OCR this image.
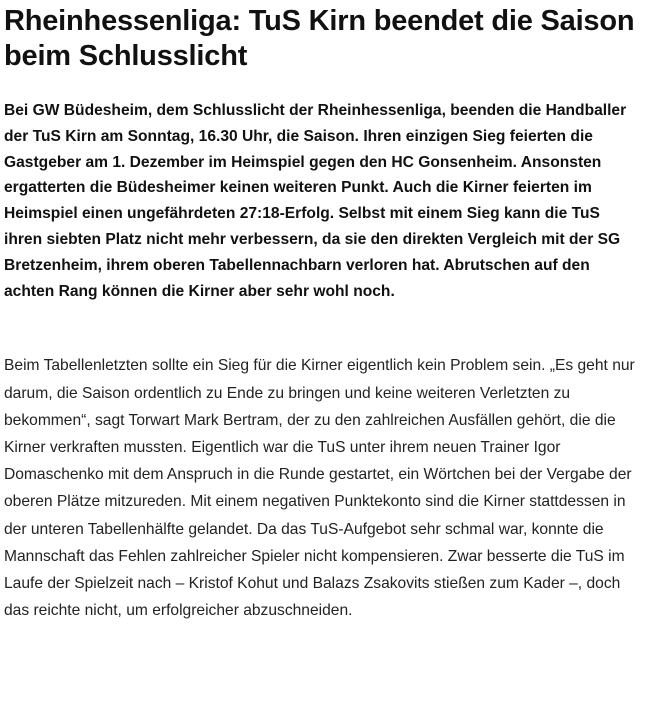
Rheinhessenliga: TuS Kirn beendet die Saison beim Schlusslicht

Bei GW Büdesheim, dem Schlusslicht der Rheinhessenliga, beenden die Handballer der TuS Kirn am Sonntag, 16.30 Uhr, die Saison. Ihren einzigen Sieg feierten die Gastgeber am 1. Dezember im Heimspiel gegen den HC Gonsenheim. Ansonsten ergatterten die Büdesheimer keinen weiteren Punkt. Auch die Kirner feierten im Heimspiel einen ungefährdeten 27:18-Erfolg. Selbst mit einem Sieg kann die TuS ihren siebten Platz nicht mehr verbessern, da sie den direkten Vergleich mit der SG Bretzenheim, ihrem oberen Tabellennachbarn verloren hat. Abrutschen auf den achten Rang können die Kirner aber sehr wohl noch.

Beim Tabellenletzten sollte ein Sieg für die Kirner eigentlich kein Problem sein. „Es geht nur darum, die Saison ordentlich zu Ende zu bringen und keine weiteren Verletzten zu bekommen“, sagt Torwart Mark Bertram, der zu den zahlreichen Ausfällen gehört, die die Kirner verkraften mussten. Eigentlich war die TuS unter ihrem neuen Trainer Igor Domaschenko mit dem Anspruch in die Runde gestartet, ein Wörtchen bei der Vergabe der oberen Plätze mitzureden. Mit einem negativen Punktekonto sind die Kirner stattdessen in der unteren Tabellenhälfte gelandet. Da das TuS-Aufgebot sehr schmal war, konnte die Mannschaft das Fehlen zahlreicher Spieler nicht kompensieren. Zwar besserte die TuS im Laufe der Spielzeit nach – Kristof Kohut und Balazs Zsakovits stießen zum Kader –, doch das reichte nicht, um erfolgreicher abzuschneiden.
